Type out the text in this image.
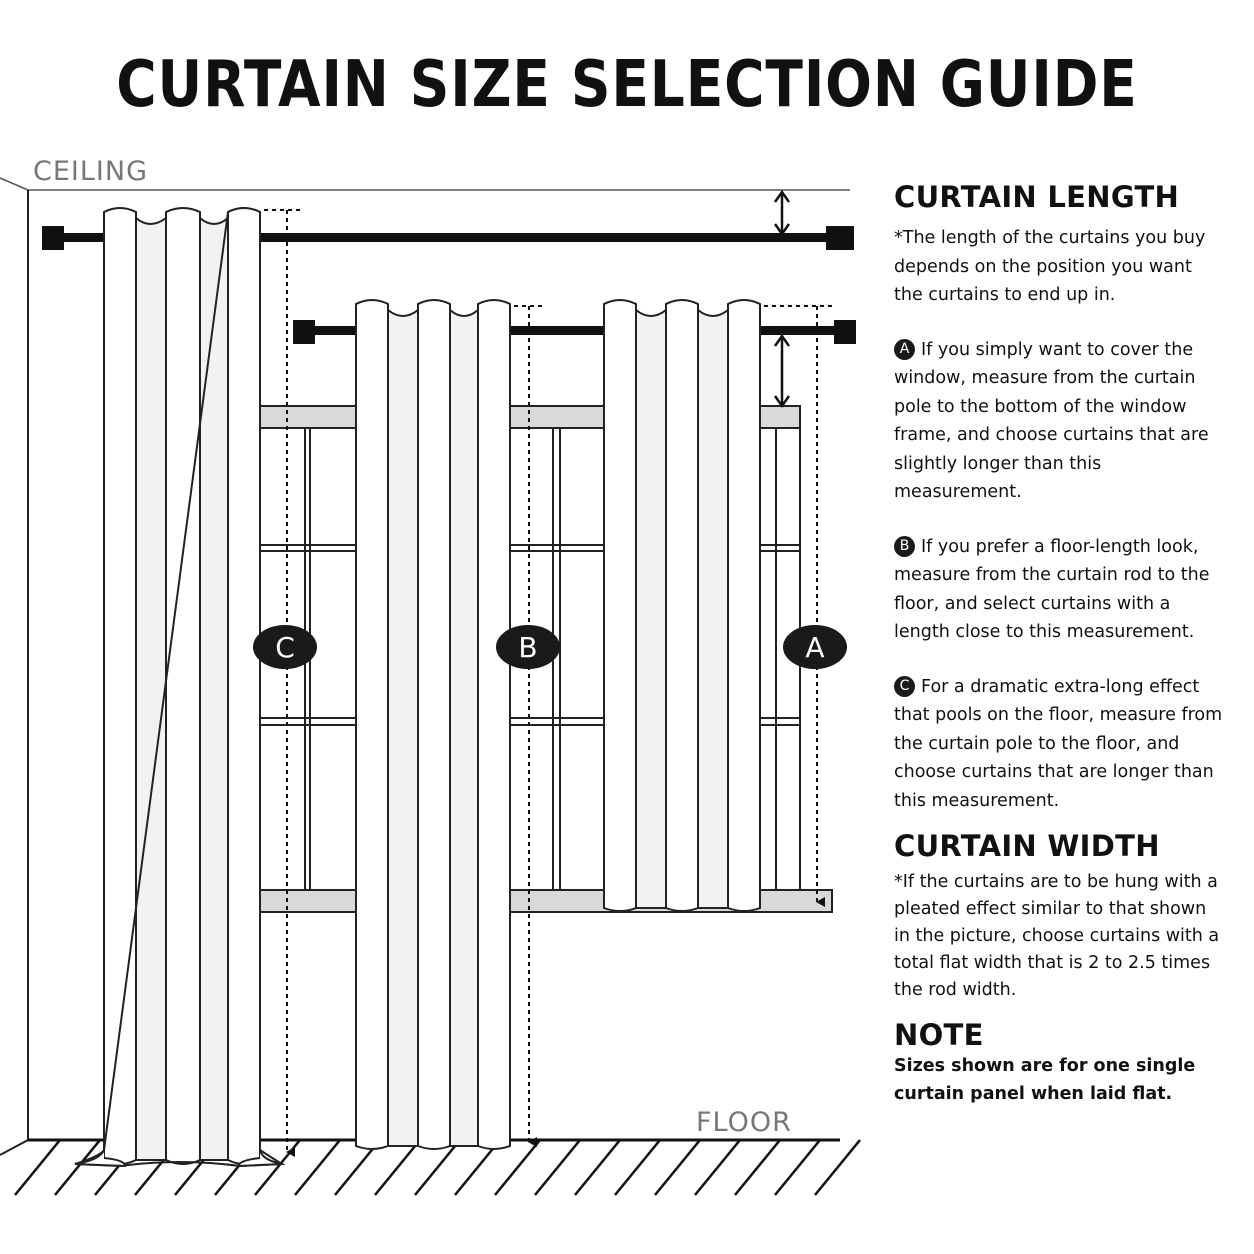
CURTAIN SIZE SELECTION GUIDE
CEILING
FLOOR
C	B	A

CURTAIN LENGTH

*The length of the curtains you buy depends on the position you want the curtains to end up in.

A If you simply want to cover the window, measure from the curtain pole to the bottom of the window frame, and choose curtains that are slightly longer than this measurement.

B If you prefer a floor-length look, measure from the curtain rod to the floor, and select curtains with a length close to this measurement.

C For a dramatic extra-long effect that pools on the floor, measure from the curtain pole to the floor, and choose curtains that are longer than this measurement.

CURTAIN WIDTH

*If the curtains are to be hung with a pleated effect similar to that shown in the picture, choose curtains with a total flat width that is 2 to 2.5 times the rod width.

NOTE

Sizes shown are for one single curtain panel when laid flat.
